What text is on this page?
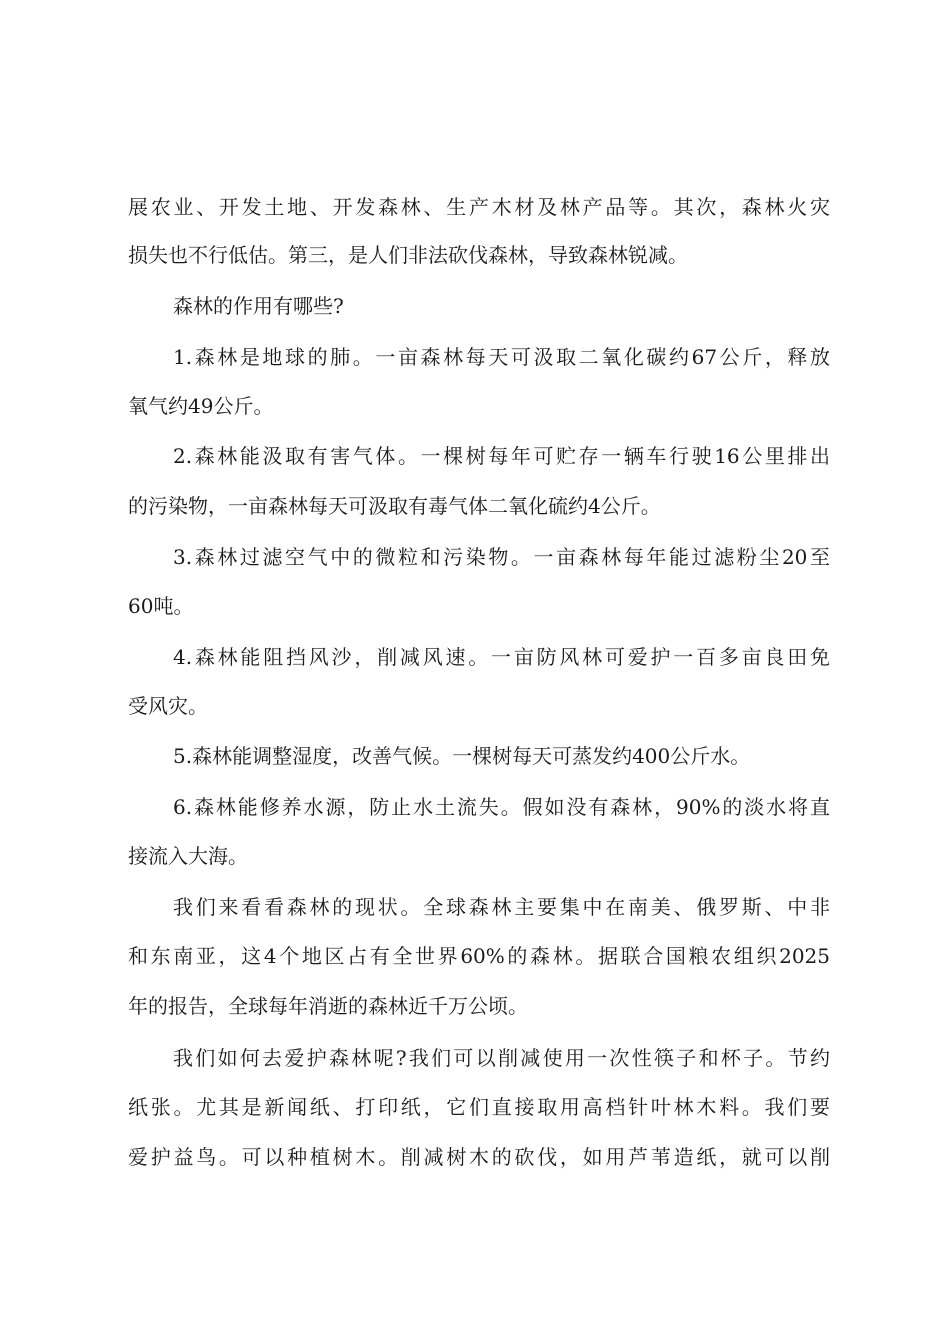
展农业、开发土地、开发森林、生产木材及林产品等。其次，森林火灾
损失也不行低估。第三，是人们非法砍伐森林，导致森林锐减。
森林的作用有哪些?
1.森林是地球的肺。一亩森林每天可汲取二氧化碳约67公斤，释放
氧气约49公斤。
2.森林能汲取有害气体。一棵树每年可贮存一辆车行驶16公里排出
的污染物，一亩森林每天可汲取有毒气体二氧化硫约4公斤。
3.森林过滤空气中的微粒和污染物。一亩森林每年能过滤粉尘20至
60吨。
4.森林能阻挡风沙，削减风速。一亩防风林可爱护一百多亩良田免
受风灾。
5.森林能调整湿度，改善气候。一棵树每天可蒸发约400公斤水。
6.森林能修养水源，防止水土流失。假如没有森林，90%的淡水将直
接流入大海。
我们来看看森林的现状。全球森林主要集中在南美、俄罗斯、中非
和东南亚，这4个地区占有全世界60%的森林。据联合国粮农组织2025
年的报告，全球每年消逝的森林近千万公顷。
我们如何去爱护森林呢?我们可以削减使用一次性筷子和杯子。节约
纸张。尤其是新闻纸、打印纸，它们直接取用高档针叶林木料。我们要
爱护益鸟。可以种植树木。削减树木的砍伐，如用芦苇造纸，就可以削
